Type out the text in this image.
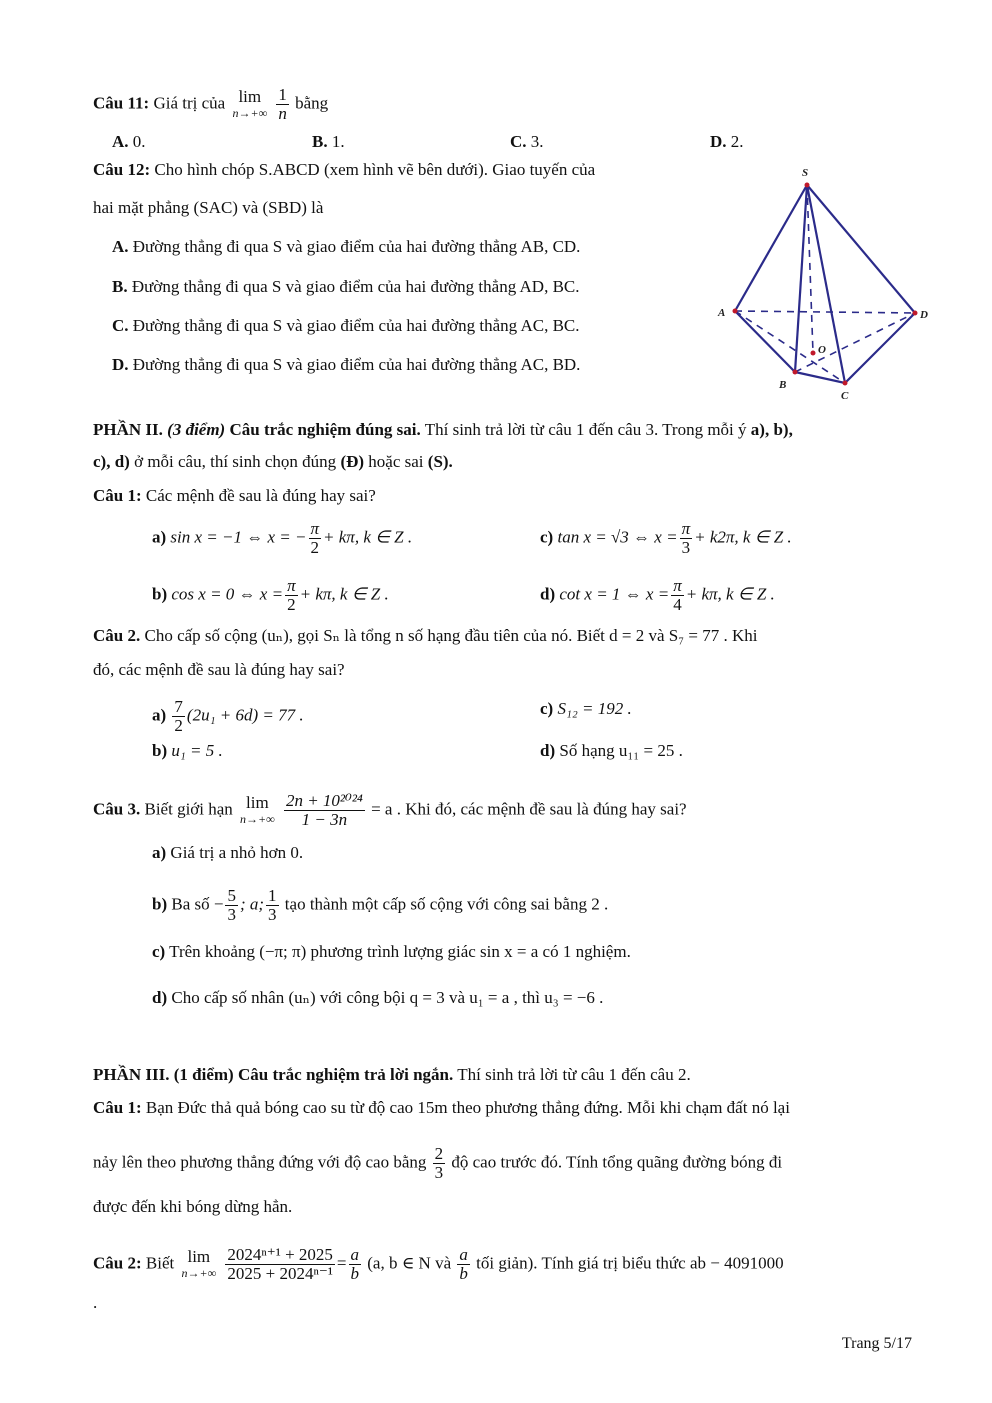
Câu 11: Giá trị của lim
n→+∞
$\frac{1}{n}$ bằng
A. 0.	B. 1.	C. 3.	D. 2.
Câu 12: Cho hình chóp S.ABCD (xem hình vẽ bên dưới). Giao tuyến của
hai mặt phẳng (SAC) và (SBD) là
A. Đường thẳng đi qua S và giao điểm của hai đường thẳng AB, CD.
B. Đường thẳng đi qua S và giao điểm của hai đường thẳng AD, BC.
C. Đường thẳng đi qua S và giao điểm của hai đường thẳng AC, BC.
D. Đường thẳng đi qua S và giao điểm của hai đường thẳng AC, BD.
S
A
B
C
D
O
PHẦN II. (3 điểm) Câu trắc nghiệm đúng sai. Thí sinh trả lời từ câu 1 đến câu 3. Trong mỗi ý a), b),
c), d) ở mỗi câu, thí sinh chọn đúng (Đ) hoặc sai (S).
Câu 1: Các mệnh đề sau là đúng hay sai?
a) sin x = −1 ⇔ x = − $\frac{\pi}{2} + k\pi$, k ∈ Z .	c) tan x = √3 ⇔ $x = \frac{\pi}{3} + k2\pi$, k ∈ Z .
b) cos x = 0 ⇔ $x = \frac{\pi}{2} + k\pi$, k ∈ Z .	d) cot x = 1 ⇔ $x = \frac{\pi}{4} + k\pi$, k ∈ Z .
Câu 2. Cho cấp số cộng (uₙ), gọi Sₙ là tổng n số hạng đầu tiên của nó. Biết d = 2 và S₇ = 77 . Khi
đó, các mệnh đề sau là đúng hay sai?
$a) \frac{7}{2} (2u_1 + 6d) = 77$ .	c) S₁₂ = 192 .
b) u₁ = 5 .	d) Số hạng u₁₁ = 25 .
Câu 3. Biết giới hạn lim
n→+∞
$\frac{\text{2n + 10²⁰²⁴}}{1 - 3n} = a$ . Khi đó, các mệnh đề sau là đúng hay sai?
a) Giá trị a nhỏ hơn 0.
b) Ba số − $\frac{5}{3}$ ; a; $\frac{1}{3}$ tạo thành một cấp số cộng với công sai bằng 2 .
c) Trên khoảng (−π; π) phương trình lượng giác sin x = a có 1 nghiệm.
d) Cho cấp số nhân (uₙ) với công bội q = 3 và u₁ = a , thì u₃ = −6 .
PHẦN III. (1 điểm) Câu trắc nghiệm trả lời ngắn. Thí sinh trả lời từ câu 1 đến câu 2.
Câu 1: Bạn Đức thả quả bóng cao su từ độ cao 15m theo phương thẳng đứng. Mỗi khi chạm đất nó lại
nảy lên theo phương thẳng đứng với độ cao bằng $\frac{2}{3}$ độ cao trước đó. Tính tổng quãng đường bóng đi
được đến khi bóng dừng hẳn.
Câu 2: Biết lim
n→+∞
$\frac{\text{2024ⁿ⁺¹ + 2025}}{\text{2025 + 2024ⁿ⁻¹}} = \frac{a}{b} (a$, b ∈ N và $\frac{a}{b}$ tối giản). Tính giá trị biểu thức ab − 4091000
.
Trang 5/17
